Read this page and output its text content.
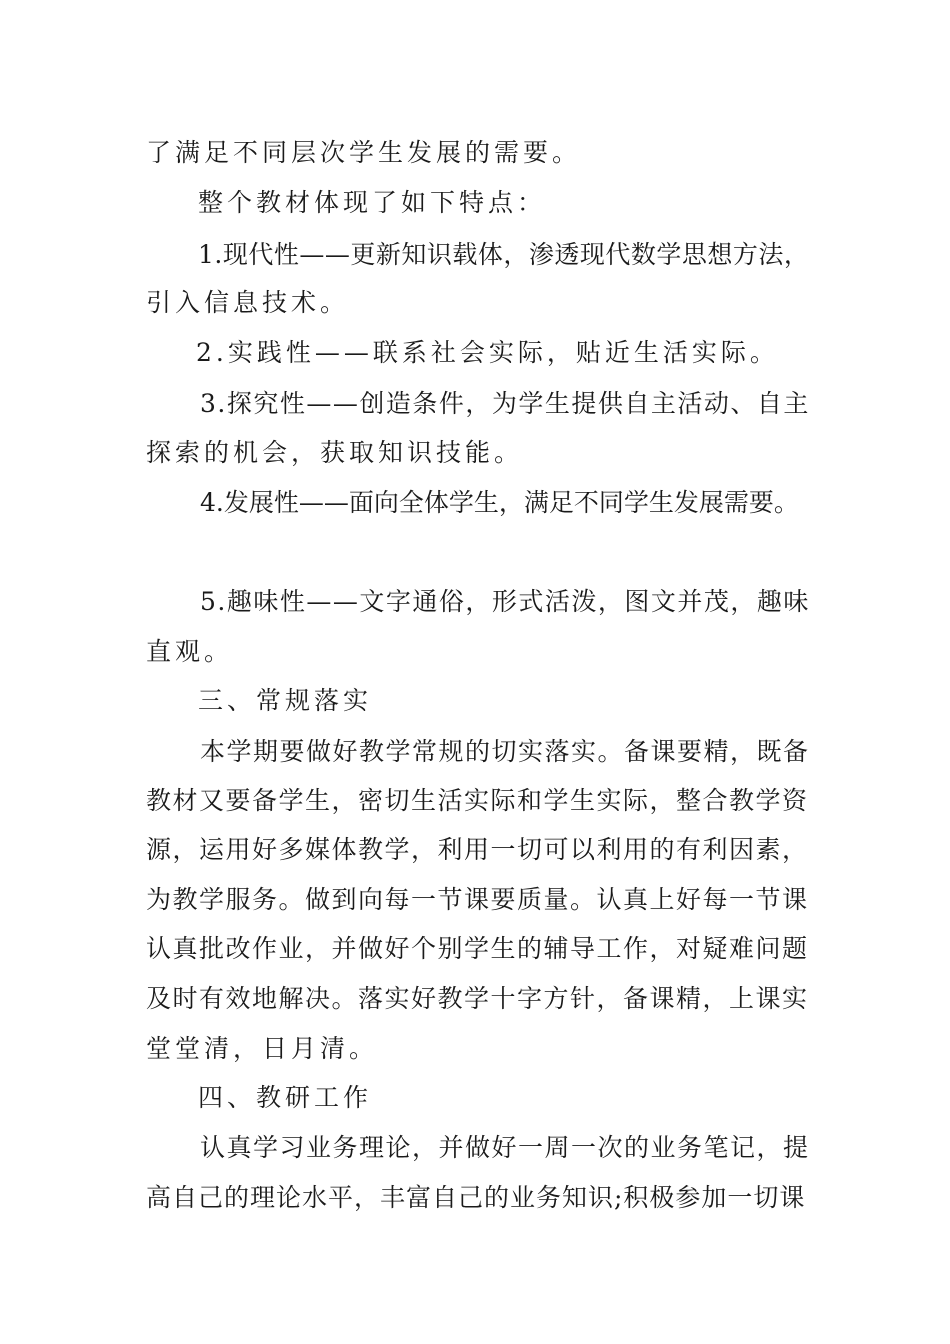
了满足不同层次学生发展的需要。
整个教材体现了如下特点：
1.现代性——更新知识载体，渗透现代数学思想方法，
引入信息技术。
2.实践性——联系社会实际，贴近生活实际。
3.探究性——创造条件，为学生提供自主活动、自主
探索的机会，获取知识技能。
4.发展性——面向全体学生，满足不同学生发展需要。
5.趣味性——文字通俗，形式活泼，图文并茂，趣味
直观。
三、常规落实
本学期要做好教学常规的切实落实。备课要精，既备
教材又要备学生，密切生活实际和学生实际，整合教学资
源，运用好多媒体教学，利用一切可以利用的有利因素，
为教学服务。做到向每一节课要质量。认真上好每一节课
认真批改作业，并做好个别学生的辅导工作，对疑难问题
及时有效地解决。落实好教学十字方针，备课精，上课实
堂堂清，日月清。
四、教研工作
认真学习业务理论，并做好一周一次的业务笔记，提
高自己的理论水平，丰富自己的业务知识;积极参加一切课
